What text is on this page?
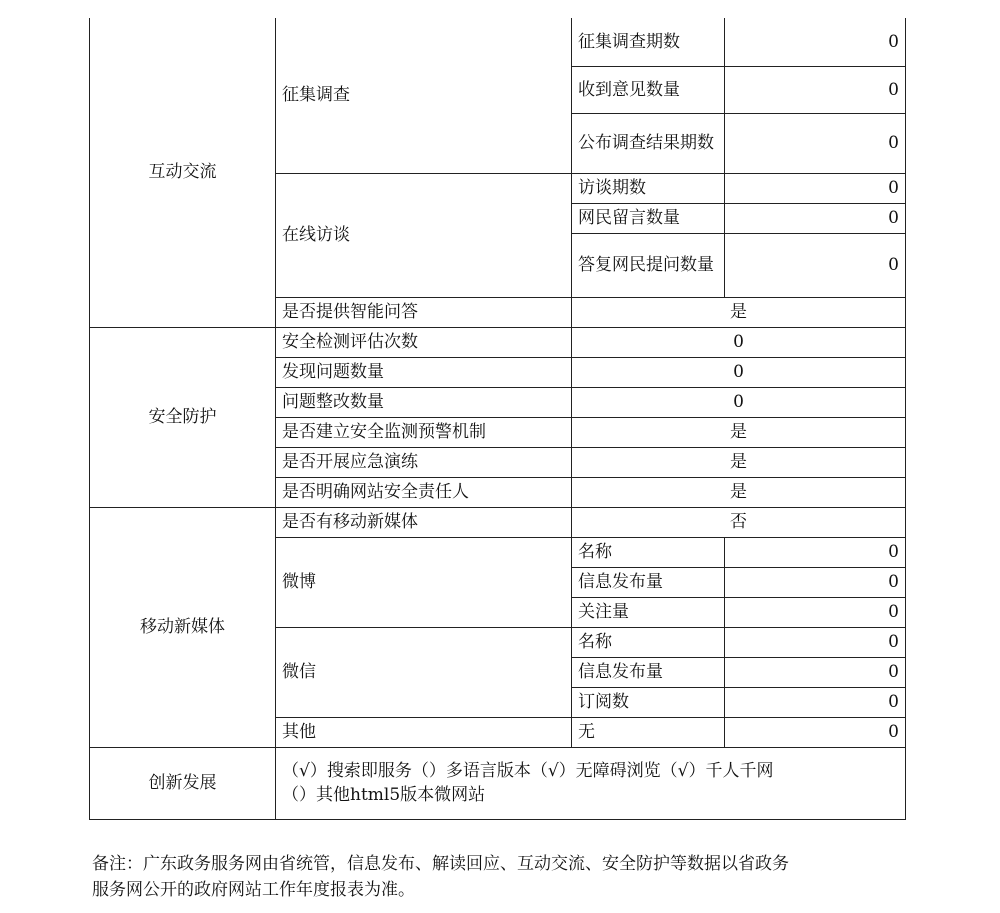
互动交流	征集调查	征集调查期数	0
		收到意见数量	0
		公布调查结果期数	0
	在线访谈	访谈期数	0
		网民留言数量	0
		答复网民提问数量	0
	是否提供智能问答	是	
安全防护	安全检测评估次数	0	
	发现问题数量	0	
	问题整改数量	0	
	是否建立安全监测预警机制	是	
	是否开展应急演练	是	
	是否明确网站安全责任人	是	
移动新媒体	是否有移动新媒体	否	
	微博	名称	0
		信息发布量	0
		关注量	0
	微信	名称	0
		信息发布量	0
		订阅数	0
	其他	无	0
创新发展	（√）搜索即服务（）多语言版本（√）无障碍浏览（√）千人千网
（）其他html5版本微网站		
备注：广东政务服务网由省统管，信息发布、解读回应、互动交流、安全防护等数据以省政务
服务网公开的政府网站工作年度报表为准。
